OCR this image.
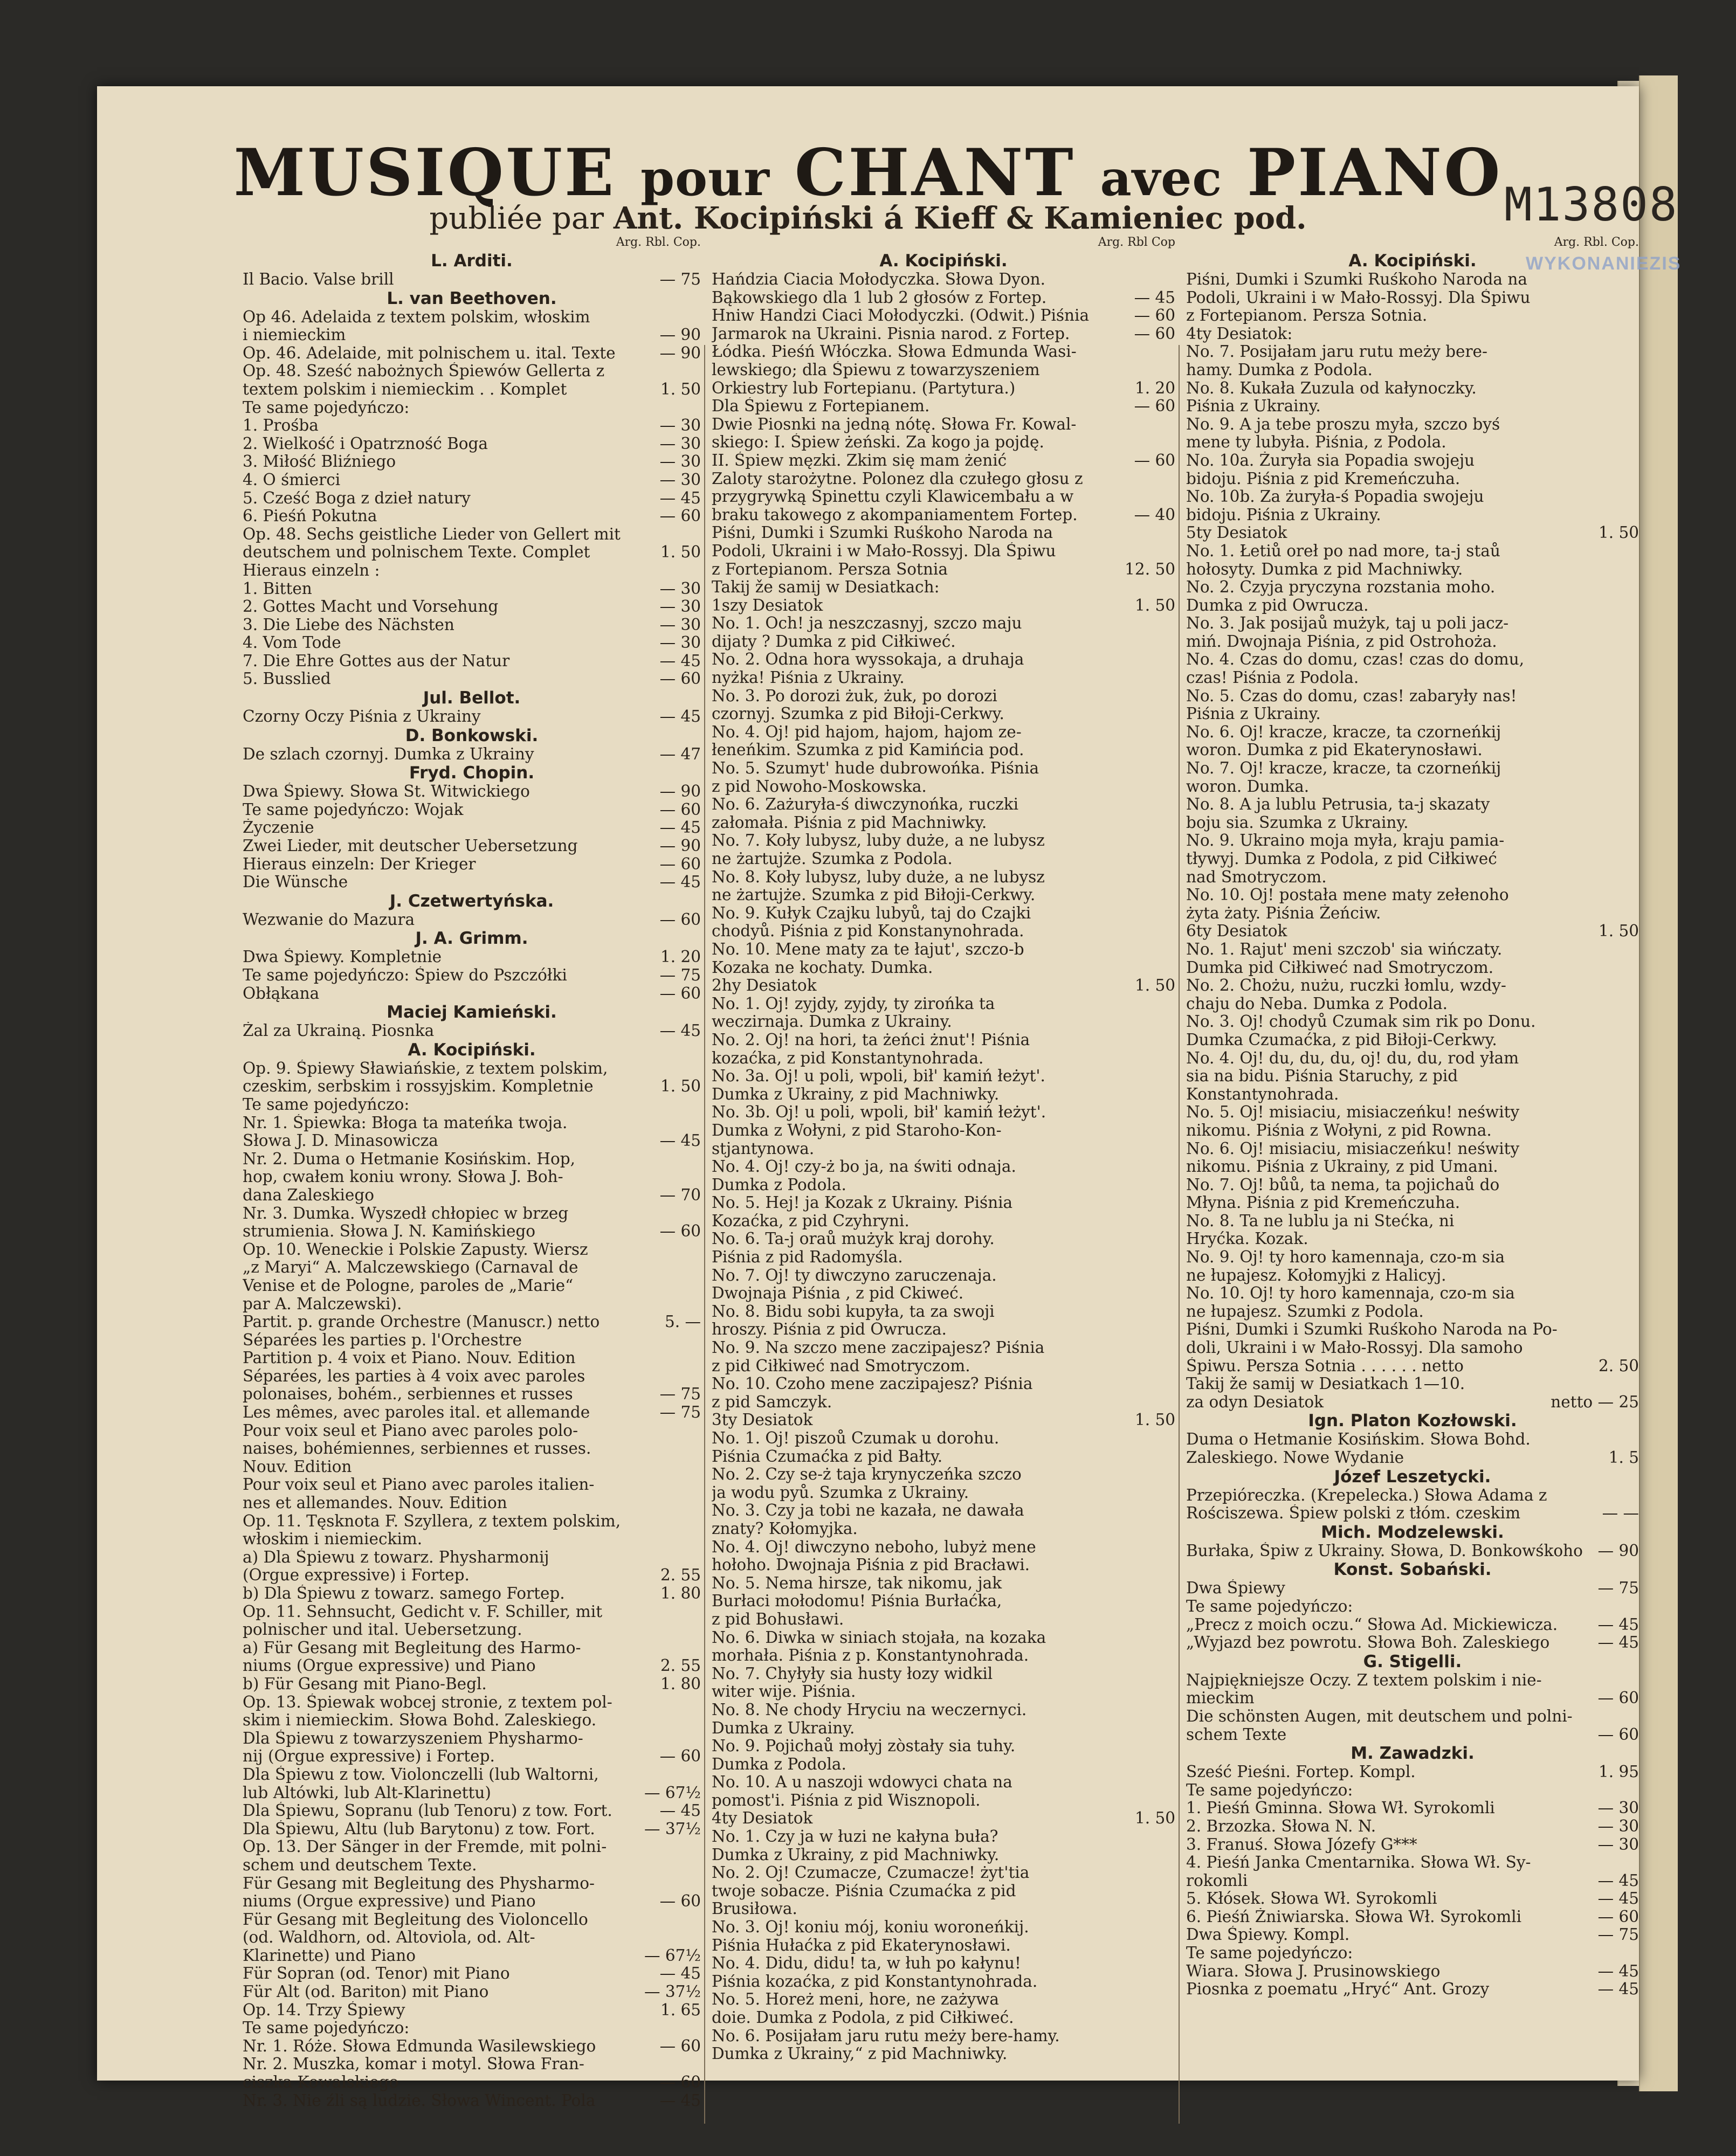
M13808
WYKONANIEZIS
MUSIQUE pour CHANT avec PIANO
publiée par Ant. Kocipiński á Kieff & Kamieniec pod.
Arg. Rbl. Cop.
L. Arditi.
Il Bacio. Valse brill	— 75
L. van Beethoven.
Op 46. Adelaida z textem polskim, włoskim
i niemieckim	— 90
Op. 46. Adelaide, mit polnischem u. ital. Texte	— 90
Op. 48. Sześć nabożnych Śpiewów Gellerta z
textem polskim i niemieckim . . Komplet	1. 50
Te same pojedyńczo:
1. Prośba	— 30
2. Wielkość i Opatrzność Boga	— 30
3. Miłość Bliźniego	— 30
4. O śmierci	— 30
5. Cześć Boga z dzieł natury	— 45
6. Pieśń Pokutna	— 60
Op. 48. Sechs geistliche Lieder von Gellert mit
deutschem und polnischem Texte. Complet	1. 50
Hieraus einzeln :
1. Bitten	— 30
2. Gottes Macht und Vorsehung	— 30
3. Die Liebe des Nächsten	— 30
4. Vom Tode	— 30
7. Die Ehre Gottes aus der Natur	— 45
5. Busslied	— 60
Jul. Bellot.
Czorny Oczy Piśnia z Ukrainy	— 45
D. Bonkowski.
De szlach czornyj. Dumka z Ukrainy	— 47
Fryd. Chopin.
Dwa Śpiewy. Słowa St. Witwickiego	— 90
Te same pojedyńczo: Wojak	— 60
Życzenie	— 45
Zwei Lieder, mit deutscher Uebersetzung	— 90
Hieraus einzeln: Der Krieger	— 60
Die Wünsche	— 45
J. Czetwertyńska.
Wezwanie do Mazura	— 60
J. A. Grimm.
Dwa Śpiewy. Kompletnie	1. 20
Te same pojedyńczo: Śpiew do Pszczółki	— 75
Obłąkana	— 60
Maciej Kamieński.
Żal za Ukrainą. Piosnka	— 45
A. Kocipiński.
Op. 9. Śpiewy Sławiańskie, z textem polskim,
czeskim, serbskim i rossyjskim. Kompletnie	1. 50
Te same pojedyńczo:
Nr. 1. Śpiewka: Błoga ta mateńka twoja.
Słowa J. D. Minasowicza	— 45
Nr. 2. Duma o Hetmanie Kosińskim. Hop,
hop, cwałem koniu wrony. Słowa J. Boh-
dana Zaleskiego	— 70
Nr. 3. Dumka. Wyszedł chłopiec w brzeg
strumienia. Słowa J. N. Kamińskiego	— 60
Op. 10. Weneckie i Polskie Zapusty. Wiersz
„z Maryi“ A. Malczewskiego (Carnaval de
Venise et de Pologne, paroles de „Marie“
par A. Malczewski).
Partit. p. grande Orchestre (Manuscr.) netto	5. —
Séparées les parties p. l'Orchestre
Partition p. 4 voix et Piano. Nouv. Edition
Séparées, les parties à 4 voix avec paroles
polonaises, bohém., serbiennes et russes	— 75
Les mêmes, avec paroles ital. et allemande	— 75
Pour voix seul et Piano avec paroles polo-
naises, bohémiennes, serbiennes et russes.
Nouv. Edition
Pour voix seul et Piano avec paroles italien-
nes et allemandes. Nouv. Edition
Op. 11. Tęsknota F. Szyllera, z textem polskim,
włoskim i niemieckim.
a) Dla Śpiewu z towarz. Physharmonij
(Orgue expressive) i Fortep.	2. 55
b) Dla Śpiewu z towarz. samego Fortep.	1. 80
Op. 11. Sehnsucht, Gedicht v. F. Schiller, mit
polnischer und ital. Uebersetzung.
a) Für Gesang mit Begleitung des Harmo-
niums (Orgue expressive) und Piano	2. 55
b) Für Gesang mit Piano-Begl.	1. 80
Op. 13. Śpiewak wobcej stronie, z textem pol-
skim i niemieckim. Słowa Bohd. Zaleskiego.
Dla Śpiewu z towarzyszeniem Physharmo-
nij (Orgue expressive) i Fortep.	— 60
Dla Śpiewu z tow. Violonczelli (lub Waltorni,
lub Altówki, lub Alt-Klarinettu)	— 67½
Dla Śpiewu, Sopranu (lub Tenoru) z tow. Fort.	— 45
Dla Śpiewu, Altu (lub Barytonu) z tow. Fort.	— 37½
Op. 13. Der Sänger in der Fremde, mit polni-
schem und deutschem Texte.
Für Gesang mit Begleitung des Physharmo-
niums (Orgue expressive) und Piano	— 60
Für Gesang mit Begleitung des Violoncello
(od. Waldhorn, od. Altoviola, od. Alt-
Klarinette) und Piano	— 67½
Für Sopran (od. Tenor) mit Piano	— 45
Für Alt (od. Bariton) mit Piano	— 37½
Op. 14. Trzy Śpiewy	1. 65
Te same pojedyńczo:
Nr. 1. Róże. Słowa Edmunda Wasilewskiego	— 60
Nr. 2. Muszka, komar i motyl. Słowa Fran-
ciszka Kowalskiego	— 60
Nr. 3. Nie źli są ludzie. Słowa Wincent. Pola	— 45
Arg. Rbl Cop
A. Kocipiński.
Hańdzia Ciacia Mołodyczka. Słowa Dyon.
Bąkowskiego dla 1 lub 2 głosów z Fortep.	— 45
Hniw Handzi Ciaci Mołodyczki. (Odwit.) Piśnia	— 60
Jarmarok na Ukraini. Pisnia narod. z Fortep.	— 60
Łódka. Pieśń Włóczka. Słowa Edmunda Wasi-
lewskiego; dla Śpiewu z towarzyszeniem
Orkiestry lub Fortepianu. (Partytura.)	1. 20
Dla Śpiewu z Fortepianem.	— 60
Dwie Piosnki na jedną nótę. Słowa Fr. Kowal-
skiego: I. Śpiew żeński. Za kogo ja pojdę.
II. Śpiew męzki. Zkim się mam żenić	— 60
Zaloty starożytne. Polonez dla czułego głosu z
przygrywką Spinettu czyli Klawicembału a w
braku takowego z akompaniamentem Fortep.	— 40
Piśni, Dumki i Szumki Ruśkoho Naroda na
Podoli, Ukraini i w Mało-Rossyj. Dla Śpiwu
z Fortepianom. Persza Sotnia	12. 50
Takij že samij w Desiatkach:
1szy Desiatok	1. 50
No. 1. Och! ja neszczasnyj, szczo maju
dijaty ? Dumka z pid Ciłkiweć.
No. 2. Odna hora wyssokaja, a druhaja
nyżka! Piśnia z Ukrainy.
No. 3. Po dorozi żuk, żuk, po dorozi
czornyj. Szumka z pid Biłoji-Cerkwy.
No. 4. Oj! pid hajom, hajom, hajom ze-
łeneńkim. Szumka z pid Kamińcia pod.
No. 5. Szumyt' hude dubrowońka. Piśnia
z pid Nowoho-Moskowska.
No. 6. Zażuryła-ś diwczynońka, ruczki
załomała. Piśnia z pid Machniwky.
No. 7. Koły lubysz, luby duże, a ne lubysz
ne żartujże. Szumka z Podola.
No. 8. Koły lubysz, luby duże, a ne lubysz
ne żartujże. Szumka z pid Biłoji-Cerkwy.
No. 9. Kułyk Czajku lubyů, taj do Czajki
chodyů. Piśnia z pid Konstanynohrada.
No. 10. Mene maty za te łajut', szczo-b
Kozaka ne kochaty. Dumka.
2hy Desiatok	1. 50
No. 1. Oj! zyjdy, zyjdy, ty zirońka ta
weczirnaja. Dumka z Ukrainy.
No. 2. Oj! na hori, ta żeńci żnut'! Piśnia
kozaćka, z pid Konstantynohrada.
No. 3a. Oj! u poli, wpoli, bił' kamiń łeżyt'.
Dumka z Ukrainy, z pid Machniwky.
No. 3b. Oj! u poli, wpoli, bił' kamiń łeżyt'.
Dumka z Wołyni, z pid Staroho-Kon-
stjantynowa.
No. 4. Oj! czy-ż bo ja, na świti odnaja.
Dumka z Podola.
No. 5. Hej! ja Kozak z Ukrainy. Piśnia
Kozaćka, z pid Czyhryni.
No. 6. Ta-j oraů mużyk kraj dorohy.
Piśnia z pid Radomyśla.
No. 7. Oj! ty diwczyno zaruczenaja.
Dwojnaja Piśnia , z pid Ckiweć.
No. 8. Bidu sobi kupyła, ta za swoji
hroszy. Piśnia z pid Owrucza.
No. 9. Na szczo mene zaczipajesz? Piśnia
z pid Ciłkiweć nad Smotryczom.
No. 10. Czoho mene zaczipajesz? Piśnia
z pid Samczyk.
3ty Desiatok	1. 50
No. 1. Oj! piszoů Czumak u dorohu.
Piśnia Czumaćka z pid Bałty.
No. 2. Czy se-ż taja krynyczeńka szczo
ja wodu pyů. Szumka z Ukrainy.
No. 3. Czy ja tobi ne kazała, ne dawała
znaty? Kołomyjka.
No. 4. Oj! diwczyno neboho, lubyż mene
hołoho. Dwojnaja Piśnia z pid Bracławi.
No. 5. Nema hirsze, tak nikomu, jak
Burłaci mołodomu! Piśnia Burłaćka,
z pid Bohusławi.
No. 6. Diwka w siniach stojała, na kozaka
morhała. Piśnia z p. Konstantynohrada.
No. 7. Chyłyły sia husty łozy widkil
witer wije. Piśnia.
No. 8. Ne chody Hryciu na weczernyci.
Dumka z Ukrainy.
No. 9. Pojichaů mołyj zòstały sia tuhy.
Dumka z Podola.
No. 10. A u naszoji wdowyci chata na
pomost'i. Piśnia z pid Wisznopoli.
4ty Desiatok	1. 50
No. 1. Czy ja w łuzi ne kałyna buła?
Dumka z Ukrainy, z pid Machniwky.
No. 2. Oj! Czumacze, Czumacze! żyt'tia
twoje sobacze. Piśnia Czumaćka z pid
Brusiłowa.
No. 3. Oj! koniu mój, koniu woroneńkij.
Piśnia Hułaćka z pid Ekaterynosławi.
No. 4. Didu, didu! ta, w łuh po kałynu!
Piśnia kozaćka, z pid Konstantynohrada.
No. 5. Horeż meni, hore, ne zażywa
doie. Dumka z Podola, z pid Ciłkiweć.
No. 6. Posijałam jaru rutu meży bere-hamy.
Dumka z Ukrainy,“ z pid Machniwky.
Arg. Rbl. Cop.
A. Kocipiński.
Piśni, Dumki i Szumki Ruśkoho Naroda na
Podoli, Ukraini i w Mało-Rossyj. Dla Śpiwu
z Fortepianom. Persza Sotnia.
4ty Desiatok:
No. 7. Posijałam jaru rutu meży bere-
hamy. Dumka z Podola.
No. 8. Kukała Zuzula od kałynoczky.
Piśnia z Ukrainy.
No. 9. A ja tebe proszu myła, szczo byś
mene ty lubyła. Piśnia, z Podola.
No. 10a. Żuryła sia Popadia swojeju
bidoju. Piśnia z pid Kremeńczuha.
No. 10b. Za żuryła-ś Popadia swojeju
bidoju. Piśnia z Ukrainy.
5ty Desiatok	1. 50
No. 1. Łetiů oreł po nad more, ta-j staů
hołosyty. Dumka z pid Machniwky.
No. 2. Czyja pryczyna rozstania moho.
Dumka z pid Owrucza.
No. 3. Jak posijaů mużyk, taj u poli jacz-
miń. Dwojnaja Piśnia, z pid Ostrohoża.
No. 4. Czas do domu, czas! czas do domu,
czas! Piśnia z Podola.
No. 5. Czas do domu, czas! zabaryły nas!
Piśnia z Ukrainy.
No. 6. Oj! kracze, kracze, ta czorneńkij
woron. Dumka z pid Ekaterynosławi.
No. 7. Oj! kracze, kracze, ta czorneńkij
woron. Dumka.
No. 8. A ja lublu Petrusia, ta-j skazaty
boju sia. Szumka z Ukrainy.
No. 9. Ukraino moja myła, kraju pamia-
tływyj. Dumka z Podola, z pid Ciłkiweć
nad Smotryczom.
No. 10. Oj! postała mene maty zełenoho
żyta żaty. Piśnia Żeńciw.
6ty Desiatok	1. 50
No. 1. Rajut' meni szczob' sia wińczaty.
Dumka pid Ciłkiweć nad Smotryczom.
No. 2. Chożu, nużu, ruczki łomlu, wzdy-
chaju do Neba. Dumka z Podola.
No. 3. Oj! chodyů Czumak sim rik po Donu.
Dumka Czumaćka, z pid Biłoji-Cerkwy.
No. 4. Oj! du, du, du, oj! du, du, rod yłam
sia na bidu. Piśnia Staruchy, z pid
Konstantynohrada.
No. 5. Oj! misiaciu, misiaczeńku! neświty
nikomu. Piśnia z Wołyni, z pid Rowna.
No. 6. Oj! misiaciu, misiaczeńku! neświty
nikomu. Piśnia z Ukrainy, z pid Umani.
No. 7. Oj! bůů, ta nema, ta pojichaů do
Młyna. Piśnia z pid Kremeńczuha.
No. 8. Ta ne lublu ja ni Stećka, ni
Hryćka. Kozak.
No. 9. Oj! ty horo kamennaja, czo-m sia
ne łupajesz. Kołomyjki z Halicyj.
No. 10. Oj! ty horo kamennaja, czo-m sia
ne łupajesz. Szumki z Podola.
Piśni, Dumki i Szumki Ruśkoho Naroda na Po-
doli, Ukraini i w Mało-Rossyj. Dla samoho
Śpiwu. Persza Sotnia . . . . . . netto	2. 50
Takij že samij w Desiatkach 1—10.
za odyn Desiatok	netto — 25
Ign. Platon Kozłowski.
Duma o Hetmanie Kosińskim. Słowa Bohd.
Zaleskiego. Nowe Wydanie	1. 5
Józef Leszetycki.
Przepióreczka. (Krepelecka.) Słowa Adama z
Rościszewa. Śpiew polski z tłóm. czeskim	— —
Mich. Modzelewski.
Burłaka, Śpiw z Ukrainy. Słowa, D. Bonkowśkoho — 90
Konst. Sobański.
Dwa Śpiewy	— 75
Te same pojedyńczo:
„Precz z moich oczu.“ Słowa Ad. Mickiewicza.	— 45
„Wyjazd bez powrotu. Słowa Boh. Zaleskiego	— 45
G. Stigelli.
Najpiękniejsze Oczy. Z textem polskim i nie-
mieckim	— 60
Die schönsten Augen, mit deutschem und polni-
schem Texte	— 60
M. Zawadzki.
Sześć Pieśni. Fortep. Kompl.	1. 95
Te same pojedyńczo:
1. Pieśń Gminna. Słowa Wł. Syrokomli	— 30
2. Brzozka. Słowa N. N.	— 30
3. Franuś. Słowa Józefy G***	— 30
4. Pieśń Janka Cmentarnika. Słowa Wł. Sy-
rokomli	— 45
5. Kłósek. Słowa Wł. Syrokomli	— 45
6. Pieśń Żniwiarska. Słowa Wł. Syrokomli	— 60
Dwa Śpiewy. Kompl.	— 75
Te same pojedyńczo:
Wiara. Słowa J. Prusinowskiego	— 45
Piosnka z poematu „Hryć“ Ant. Grozy	— 45
